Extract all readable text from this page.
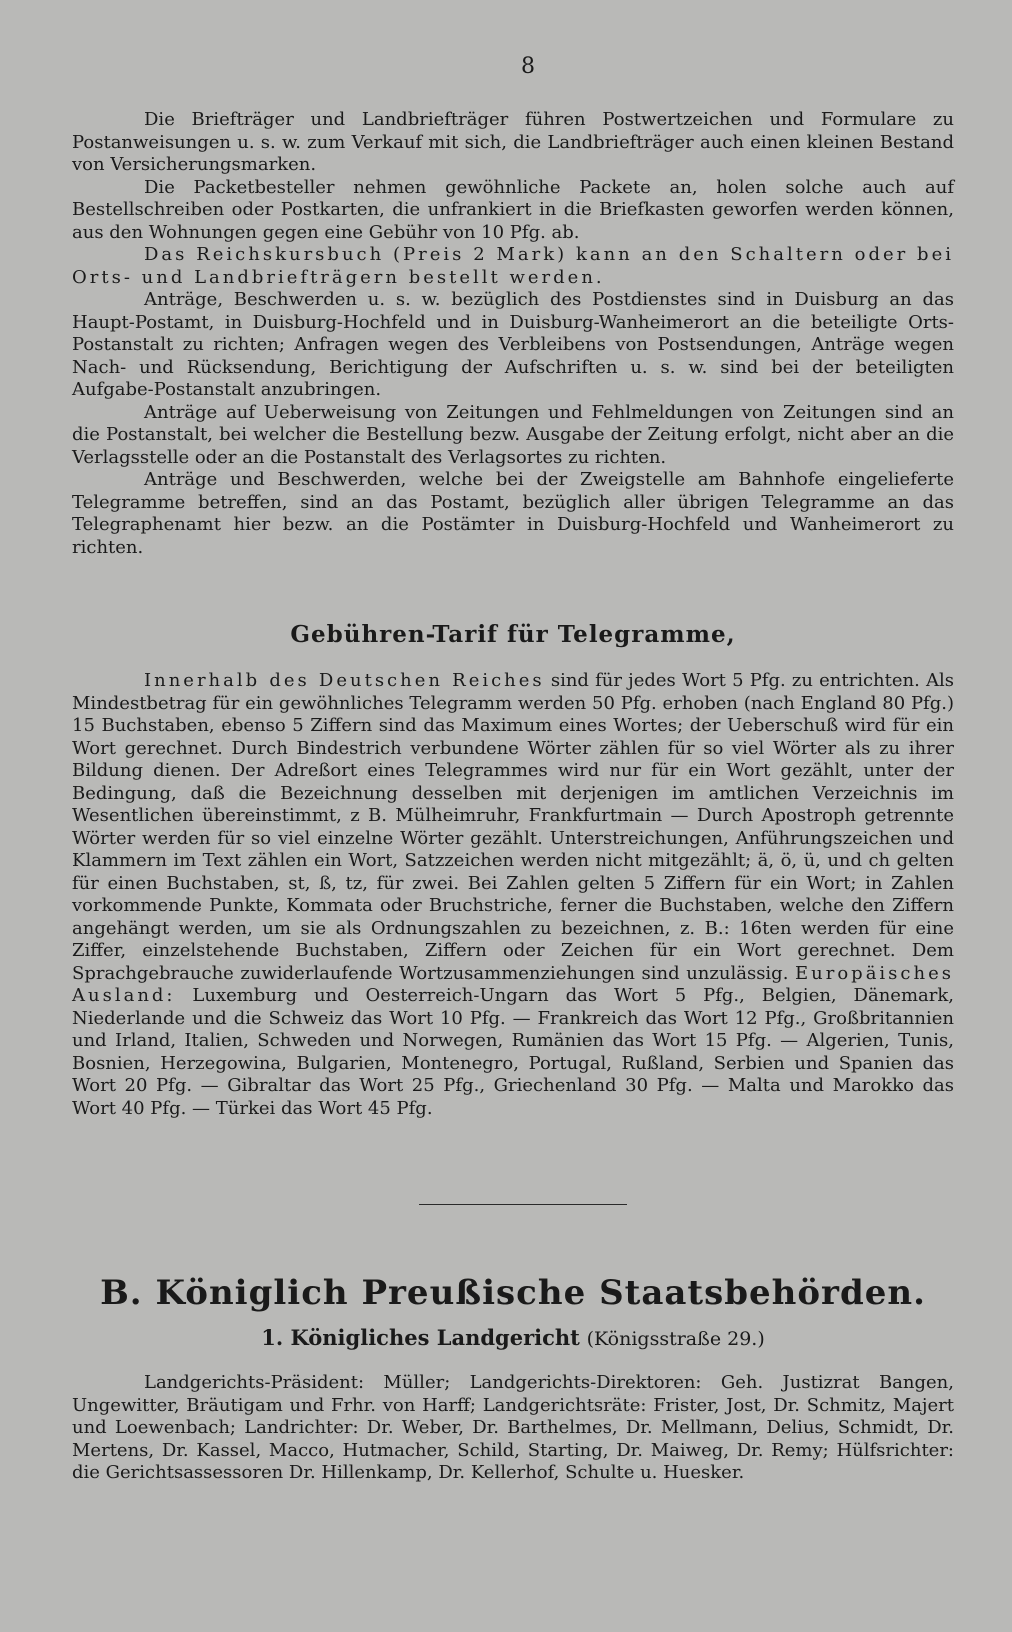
8

Die Briefträger und Landbriefträger führen Postwertzeichen und Formulare zu Postanweisungen u. s. w. zum Verkauf mit sich, die Landbriefträger auch einen kleinen Bestand von Versicherungsmarken.

Die Packetbesteller nehmen gewöhnliche Packete an, holen solche auch auf Bestellschreiben oder Postkarten, die unfrankiert in die Briefkasten geworfen werden können, aus den Wohnungen gegen eine Gebühr von 10 Pfg. ab.

Das Reichskursbuch (Preis 2 Mark) kann an den Schaltern oder bei Orts- und Landbriefträgern bestellt werden.

Anträge, Beschwerden u. s. w. bezüglich des Postdienstes sind in Duisburg an das Haupt-Postamt, in Duisburg-Hochfeld und in Duisburg-Wanheimerort an die beteiligte Orts-Postanstalt zu richten; Anfragen wegen des Verbleibens von Postsendungen, Anträge wegen Nach- und Rücksendung, Berichtigung der Aufschriften u. s. w. sind bei der beteiligten Aufgabe-Postanstalt anzubringen.

Anträge auf Ueberweisung von Zeitungen und Fehlmeldungen von Zeitungen sind an die Postanstalt, bei welcher die Bestellung bezw. Ausgabe der Zeitung erfolgt, nicht aber an die Verlagsstelle oder an die Postanstalt des Verlagsortes zu richten.

Anträge und Beschwerden, welche bei der Zweigstelle am Bahnhofe eingelieferte Telegramme betreffen, sind an das Postamt, bezüglich aller übrigen Telegramme an das Telegraphenamt hier bezw. an die Postämter in Duisburg-Hochfeld und Wanheimerort zu richten.

Gebühren-Tarif für Telegramme,

Innerhalb des Deutschen Reiches sind für jedes Wort 5 Pfg. zu entrichten. Als Mindestbetrag für ein gewöhnliches Telegramm werden 50 Pfg. erhoben (nach England 80 Pfg.) 15 Buchstaben, ebenso 5 Ziffern sind das Maximum eines Wortes; der Ueberschuß wird für ein Wort gerechnet. Durch Bindestrich verbundene Wörter zählen für so viel Wörter als zu ihrer Bildung dienen. Der Adreßort eines Telegrammes wird nur für ein Wort gezählt, unter der Bedingung, daß die Bezeichnung desselben mit derjenigen im amtlichen Verzeichnis im Wesentlichen übereinstimmt, z B. Mülheimruhr, Frankfurtmain — Durch Apostroph getrennte Wörter werden für so viel einzelne Wörter gezählt. Unterstreichungen, Anführungszeichen und Klammern im Text zählen ein Wort, Satzzeichen werden nicht mitgezählt; ä, ö, ü, und ch gelten für einen Buchstaben, st, ß, tz, für zwei. Bei Zahlen gelten 5 Ziffern für ein Wort; in Zahlen vorkommende Punkte, Kommata oder Bruchstriche, ferner die Buchstaben, welche den Ziffern angehängt werden, um sie als Ordnungszahlen zu bezeichnen, z. B.: 16ten werden für eine Ziffer, einzelstehende Buchstaben, Ziffern oder Zeichen für ein Wort gerechnet. Dem Sprachgebrauche zuwiderlaufende Wortzusammenziehungen sind unzulässig. Europäisches Ausland: Luxemburg und Oesterreich-Ungarn das Wort 5 Pfg., Belgien, Dänemark, Niederlande und die Schweiz das Wort 10 Pfg. — Frankreich das Wort 12 Pfg., Großbritannien und Irland, Italien, Schweden und Norwegen, Rumänien das Wort 15 Pfg. — Algerien, Tunis, Bosnien, Herzegowina, Bulgarien, Montenegro, Portugal, Rußland, Serbien und Spanien das Wort 20 Pfg. — Gibraltar das Wort 25 Pfg., Griechenland 30 Pfg. — Malta und Marokko das Wort 40 Pfg. — Türkei das Wort 45 Pfg.

B. Königlich Preußische Staatsbehörden.
1. Königliches Landgericht (Königsstraße 29.)

Landgerichts-Präsident: Müller; Landgerichts-Direktoren: Geh. Justizrat Bangen, Ungewitter, Bräutigam und Frhr. von Harff; Landgerichtsräte: Frister, Jost, Dr. Schmitz, Majert und Loewenbach; Landrichter: Dr. Weber, Dr. Barthelmes, Dr. Mellmann, Delius, Schmidt, Dr. Mertens, Dr. Kassel, Macco, Hutmacher, Schild, Starting, Dr. Maiweg, Dr. Remy; Hülfsrichter: die Gerichtsassessoren Dr. Hillenkamp, Dr. Kellerhof, Schulte u. Huesker.
